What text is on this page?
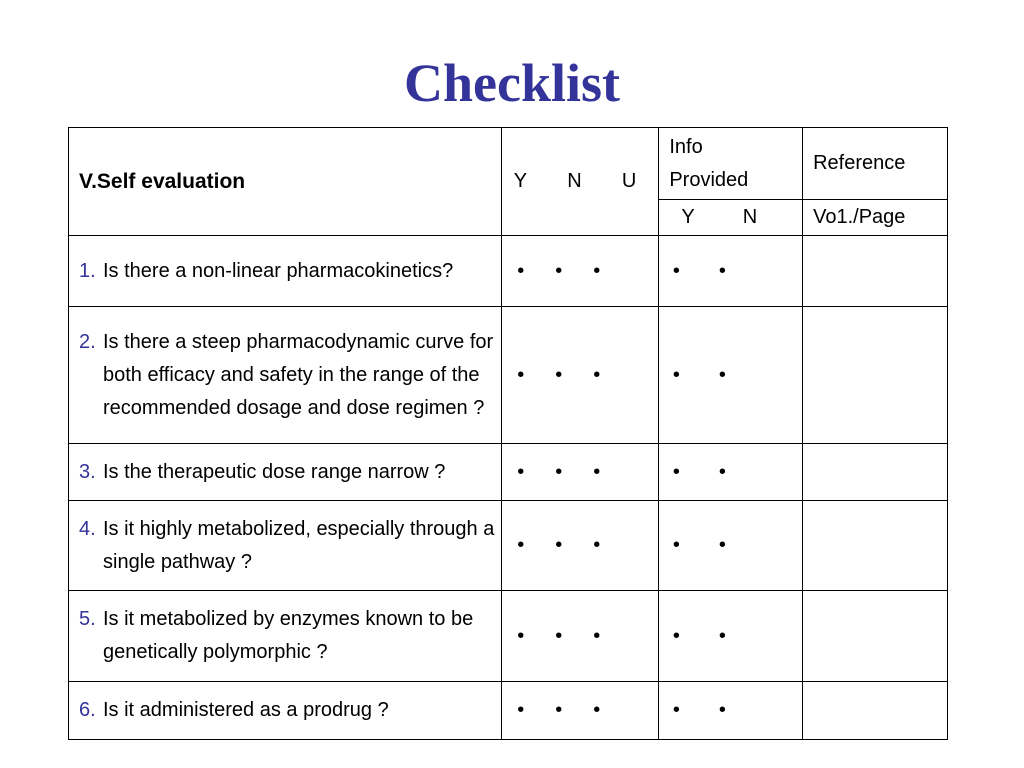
Checklist
V.Self evaluation	Y N U	Info Provided	Reference

		Y N	Vo1./Page

1. Is there a non-linear pharmacokinetics?	• • •	• •	

2. Is there a steep pharmacodynamic curve for both efficacy and safety in the range of the recommended dosage and dose regimen ?	• • •	• •	

3. Is the therapeutic dose range narrow ?	• • •	• •	

4. Is it highly metabolized, especially through a single pathway ?	• • •	• •	

5. Is it metabolized by enzymes known to be genetically polymorphic ?	• • •	• •	

6. Is it administered as a prodrug ?	• • •	• •	
